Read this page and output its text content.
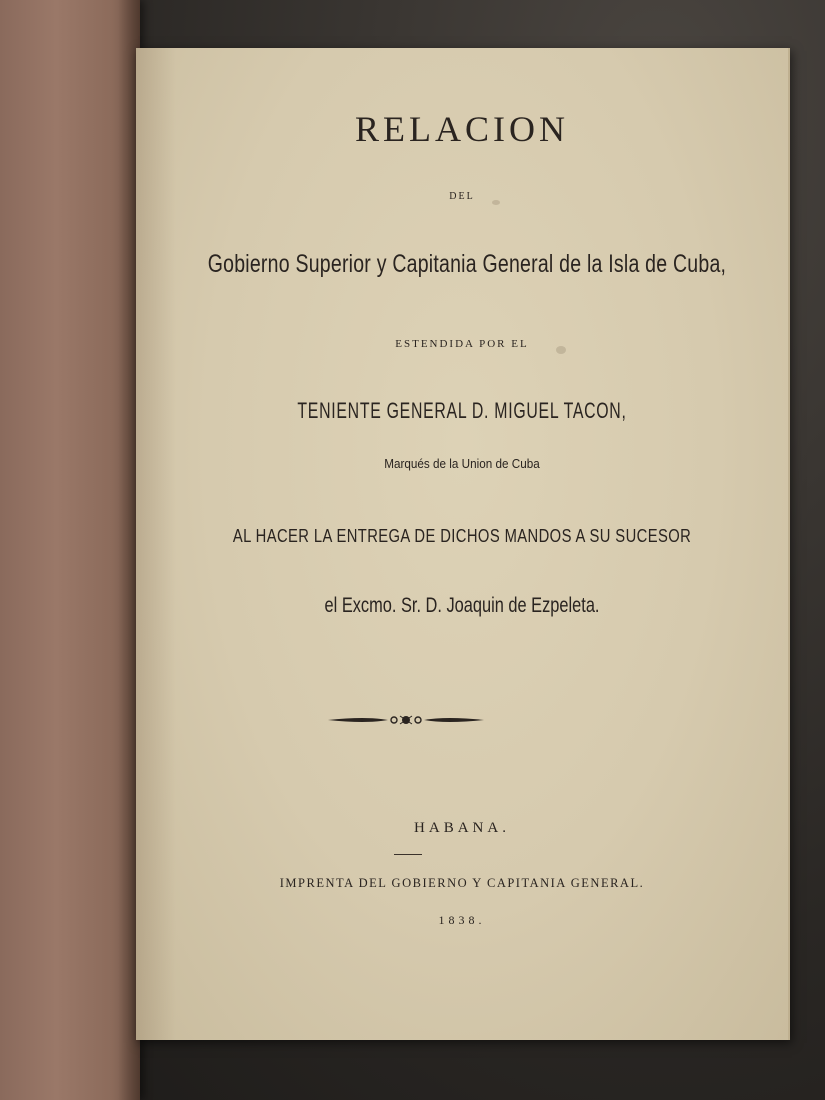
RELACION
DEL
Gobierno Superior y Capitania General de la Isla de Cuba,
ESTENDIDA POR EL
TENIENTE GENERAL D. MIGUEL TACON,
Marqués de la Union de Cuba
AL HACER LA ENTREGA DE DICHOS MANDOS A SU SUCESOR
el Excmo. Sr. D. Joaquin de Ezpeleta.
HABANA.
IMPRENTA DEL GOBIERNO Y CAPITANIA GENERAL.
1838.
